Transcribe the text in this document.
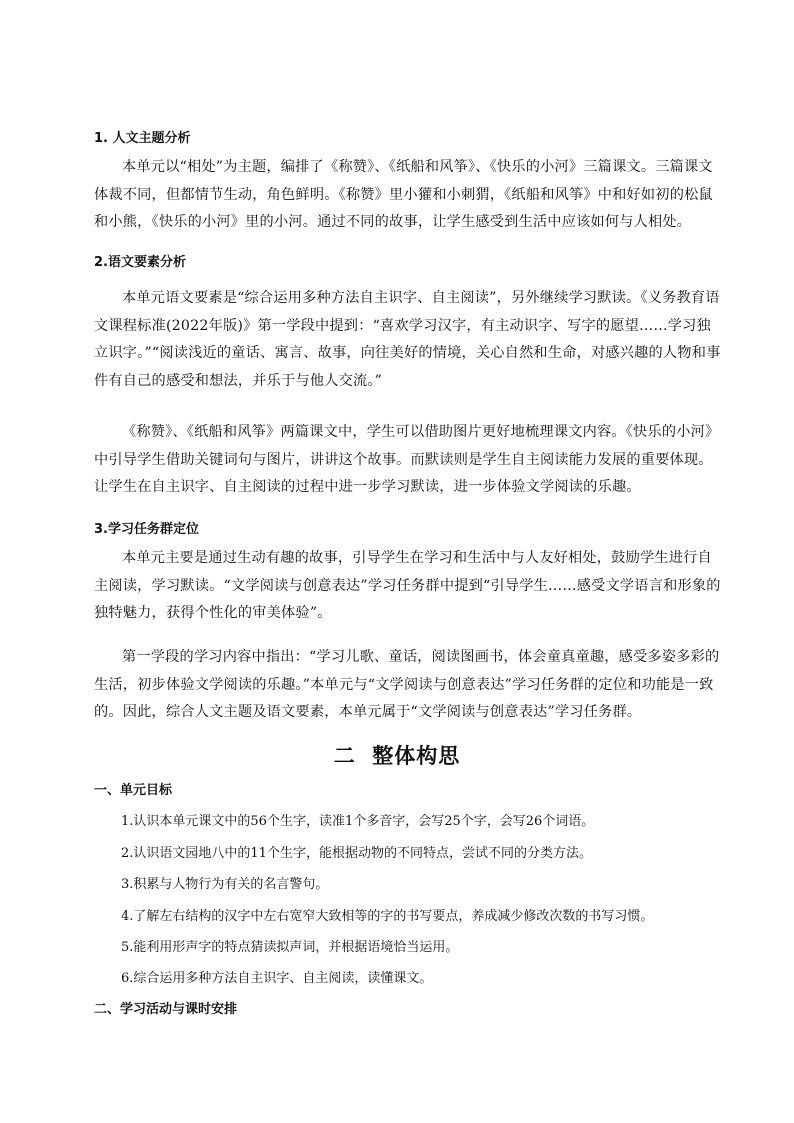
1. 人文主题分析

本单元以“相处”为主题，编排了《称赞》、《纸船和风筝》、《快乐的小河》三篇课文。三篇课文体裁不同，但都情节生动，角色鲜明。《称赞》里小獾和小刺猬，《纸船和风筝》中和好如初的松鼠和小熊，《快乐的小河》里的小河。通过不同的故事，让学生感受到生活中应该如何与人相处。

2.语文要素分析

本单元语文要素是“综合运用多种方法自主识字、自主阅读”，另外继续学习默读。《义务教育语文课程标准(2022年版)》第一学段中提到：“喜欢学习汉字，有主动识字、写字的愿望……学习独立识字。”“阅读浅近的童话、寓言、故事，向往美好的情境，关心自然和生命，对感兴趣的人物和事件有自己的感受和想法，并乐于与他人交流。”

《称赞》、《纸船和风筝》两篇课文中，学生可以借助图片更好地梳理课文内容。《快乐的小河》中引导学生借助关键词句与图片，讲讲这个故事。而默读则是学生自主阅读能力发展的重要体现。让学生在自主识字、自主阅读的过程中进一步学习默读，进一步体验文学阅读的乐趣。

3.学习任务群定位

本单元主要是通过生动有趣的故事，引导学生在学习和生活中与人友好相处，鼓励学生进行自主阅读，学习默读。“文学阅读与创意表达”学习任务群中提到“引导学生……感受文学语言和形象的独特魅力，获得个性化的审美体验”。

第一学段的学习内容中指出：“学习儿歌、童话，阅读图画书，体会童真童趣，感受多姿多彩的生活，初步体验文学阅读的乐趣。”本单元与“文学阅读与创意表达”学习任务群的定位和功能是一致的。因此，综合人文主题及语文要素，本单元属于“文学阅读与创意表达”学习任务群。

二  整体构思
一、单元目标
1.认识本单元课文中的56个生字，读准1个多音字，会写25个字，会写26个词语。
2.认识语文园地八中的11个生字，能根据动物的不同特点，尝试不同的分类方法。
3.积累与人物行为有关的名言警句。
4.了解左右结构的汉字中左右宽窄大致相等的字的书写要点，养成减少修改次数的书写习惯。
5.能利用形声字的特点猜读拟声词，并根据语境恰当运用。
6.综合运用多种方法自主识字、自主阅读，读懂课文。
二、学习活动与课时安排
